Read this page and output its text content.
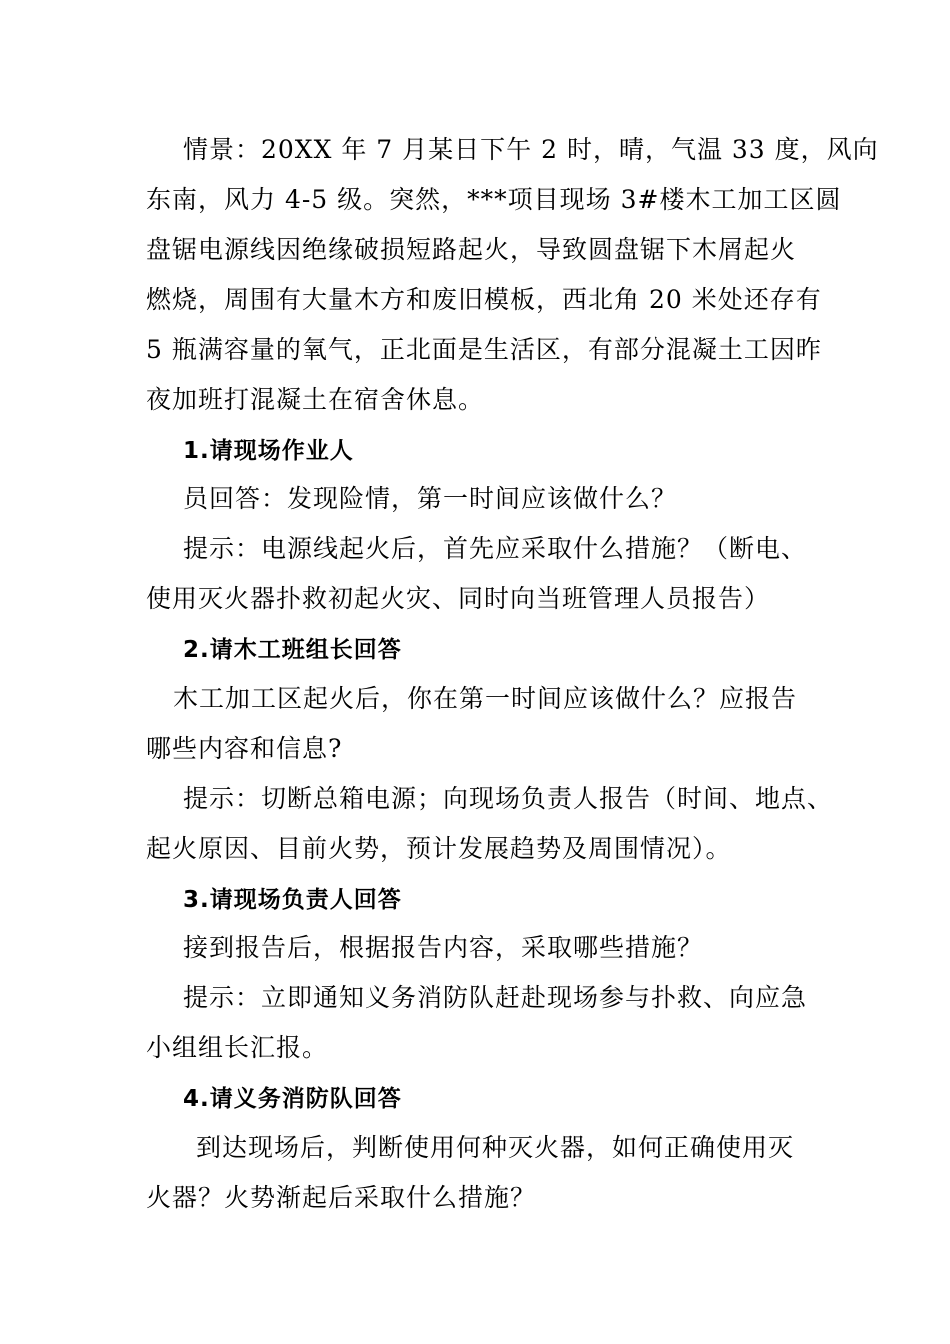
情景：20XX 年 7 月某日下午 2 时，晴，气温 33 度，风向
东南，风力 4-5 级。突然，***项目现场 3#楼木工加工区圆
盘锯电源线因绝缘破损短路起火，导致圆盘锯下木屑起火
燃烧，周围有大量木方和废旧模板，西北角 20 米处还存有
5 瓶满容量的氧气，正北面是生活区，有部分混凝土工因昨
夜加班打混凝土在宿舍休息。
1.请现场作业人
员回答：发现险情，第一时间应该做什么？
提示：电源线起火后，首先应采取什么措施？（断电、
使用灭火器扑救初起火灾、同时向当班管理人员报告）
2.请木工班组长回答
木工加工区起火后，你在第一时间应该做什么？应报告
哪些内容和信息?
提示：切断总箱电源；向现场负责人报告（时间、地点、
起火原因、目前火势，预计发展趋势及周围情况）。
3.请现场负责人回答
接到报告后，根据报告内容，采取哪些措施？
提示：立即通知义务消防队赶赴现场参与扑救、向应急
小组组长汇报。
4.请义务消防队回答
到达现场后，判断使用何种灭火器，如何正确使用灭
火器？火势渐起后采取什么措施？
